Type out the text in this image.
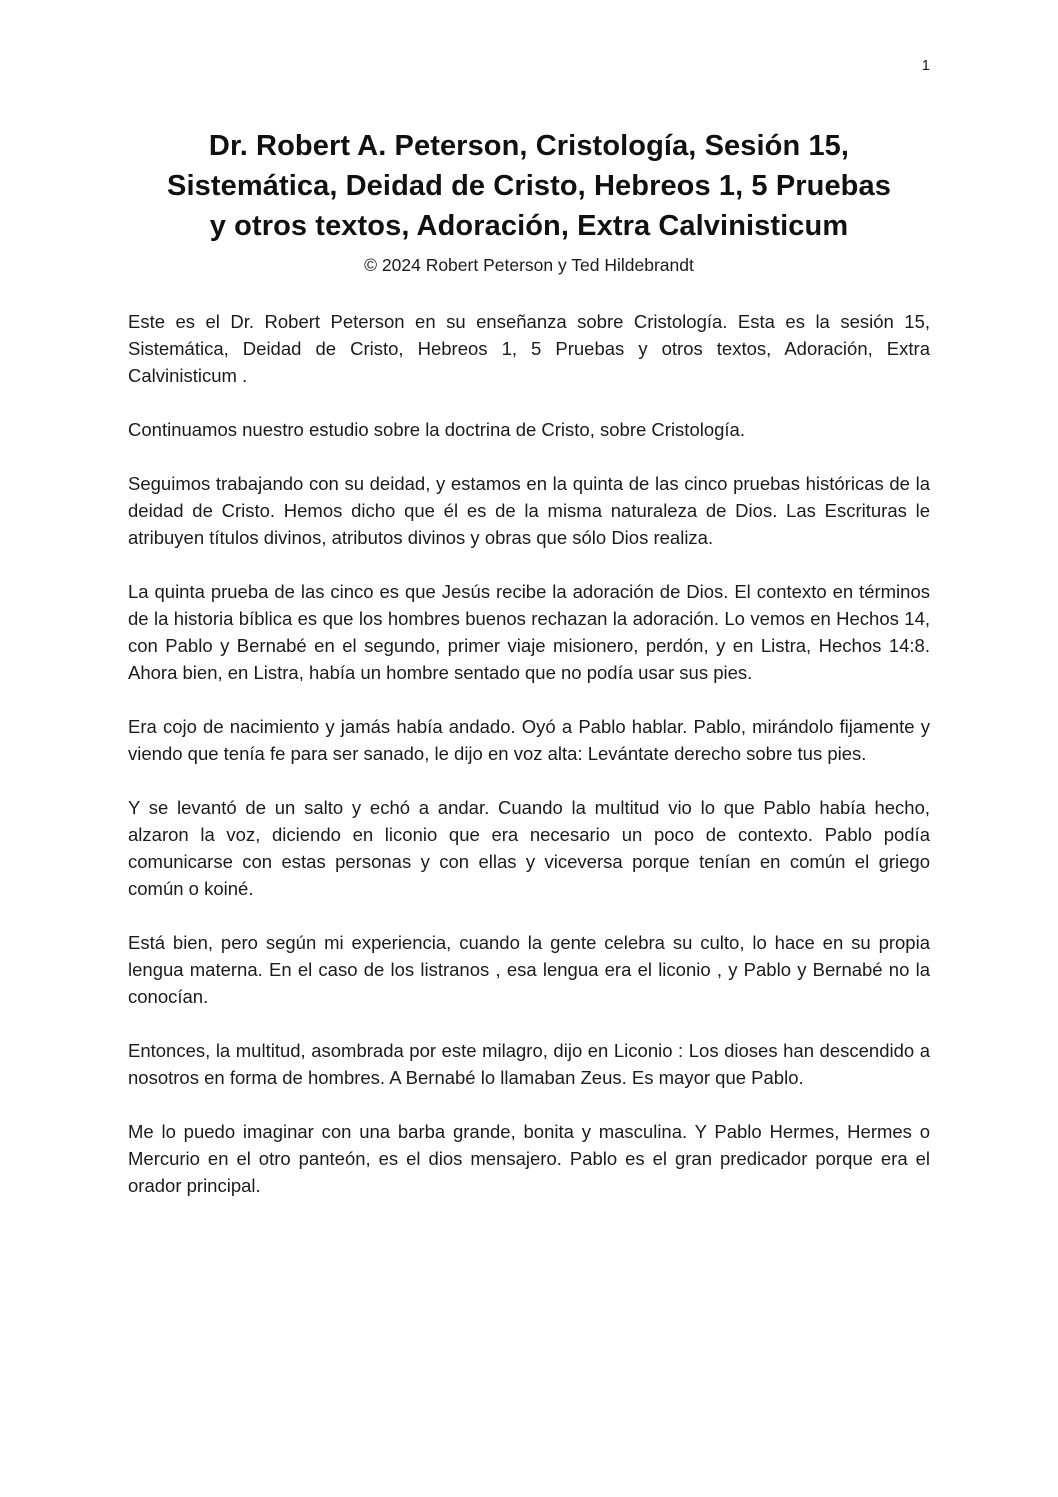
1
Dr. Robert A. Peterson, Cristología, Sesión 15,
Sistemática, Deidad de Cristo, Hebreos 1, 5 Pruebas
y otros textos, Adoración, Extra Calvinisticum
© 2024 Robert Peterson y Ted Hildebrandt

Este es el Dr. Robert Peterson en su enseñanza sobre Cristología. Esta es la sesión 15, Sistemática, Deidad de Cristo, Hebreos 1, 5 Pruebas y otros textos, Adoración, Extra Calvinisticum .

Continuamos nuestro estudio sobre la doctrina de Cristo, sobre Cristología.

Seguimos trabajando con su deidad, y estamos en la quinta de las cinco pruebas históricas de la deidad de Cristo. Hemos dicho que él es de la misma naturaleza de Dios. Las Escrituras le atribuyen títulos divinos, atributos divinos y obras que sólo Dios realiza.

La quinta prueba de las cinco es que Jesús recibe la adoración de Dios. El contexto en términos de la historia bíblica es que los hombres buenos rechazan la adoración. Lo vemos en Hechos 14, con Pablo y Bernabé en el segundo, primer viaje misionero, perdón, y en Listra, Hechos 14:8. Ahora bien, en Listra, había un hombre sentado que no podía usar sus pies.

Era cojo de nacimiento y jamás había andado. Oyó a Pablo hablar. Pablo, mirándolo fijamente y viendo que tenía fe para ser sanado, le dijo en voz alta: Levántate derecho sobre tus pies.

Y se levantó de un salto y echó a andar. Cuando la multitud vio lo que Pablo había hecho, alzaron la voz, diciendo en liconio que era necesario un poco de contexto. Pablo podía comunicarse con estas personas y con ellas y viceversa porque tenían en común el griego común o koiné.

Está bien, pero según mi experiencia, cuando la gente celebra su culto, lo hace en su propia lengua materna. En el caso de los listranos , esa lengua era el liconio , y Pablo y Bernabé no la conocían.

Entonces, la multitud, asombrada por este milagro, dijo en Liconio : Los dioses han descendido a nosotros en forma de hombres. A Bernabé lo llamaban Zeus. Es mayor que Pablo.

Me lo puedo imaginar con una barba grande, bonita y masculina. Y Pablo Hermes, Hermes o Mercurio en el otro panteón, es el dios mensajero. Pablo es el gran predicador porque era el orador principal.
